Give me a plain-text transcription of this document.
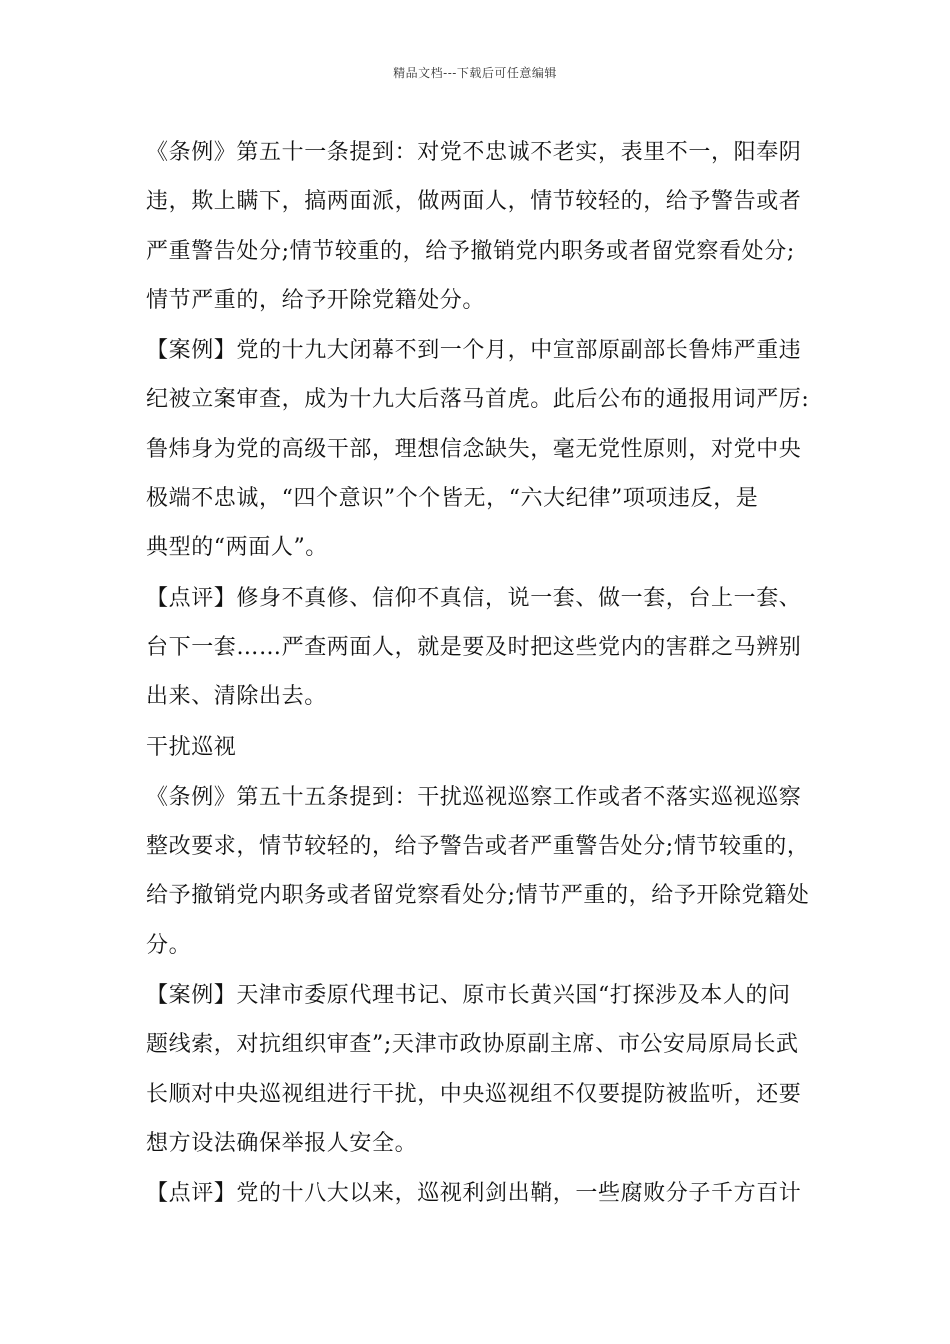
精品文档---下载后可任意编辑
《条例》第五十一条提到：对党不忠诚不老实，表里不一，阳奉阴
违，欺上瞒下，搞两面派，做两面人，情节较轻的，给予警告或者
严重警告处分;情节较重的，给予撤销党内职务或者留党察看处分;
情节严重的，给予开除党籍处分。
【案例】党的十九大闭幕不到一个月，中宣部原副部长鲁炜严重违
纪被立案审查，成为十九大后落马首虎。此后公布的通报用词严厉:
鲁炜身为党的高级干部，理想信念缺失，毫无党性原则，对党中央
极端不忠诚，“四个意识”个个皆无，“六大纪律”项项违反，是
典型的“两面人”。
【点评】修身不真修、信仰不真信，说一套、做一套，台上一套、
台下一套……严查两面人，就是要及时把这些党内的害群之马辨别
出来、清除出去。
干扰巡视
《条例》第五十五条提到：干扰巡视巡察工作或者不落实巡视巡察
整改要求，情节较轻的，给予警告或者严重警告处分;情节较重的，
给予撤销党内职务或者留党察看处分;情节严重的，给予开除党籍处
分。
【案例】天津市委原代理书记、原市长黄兴国“打探涉及本人的问
题线索，对抗组织审查”;天津市政协原副主席、市公安局原局长武
长顺对中央巡视组进行干扰，中央巡视组不仅要提防被监听，还要
想方设法确保举报人安全。
【点评】党的十八大以来，巡视利剑出鞘，一些腐败分子千方百计
